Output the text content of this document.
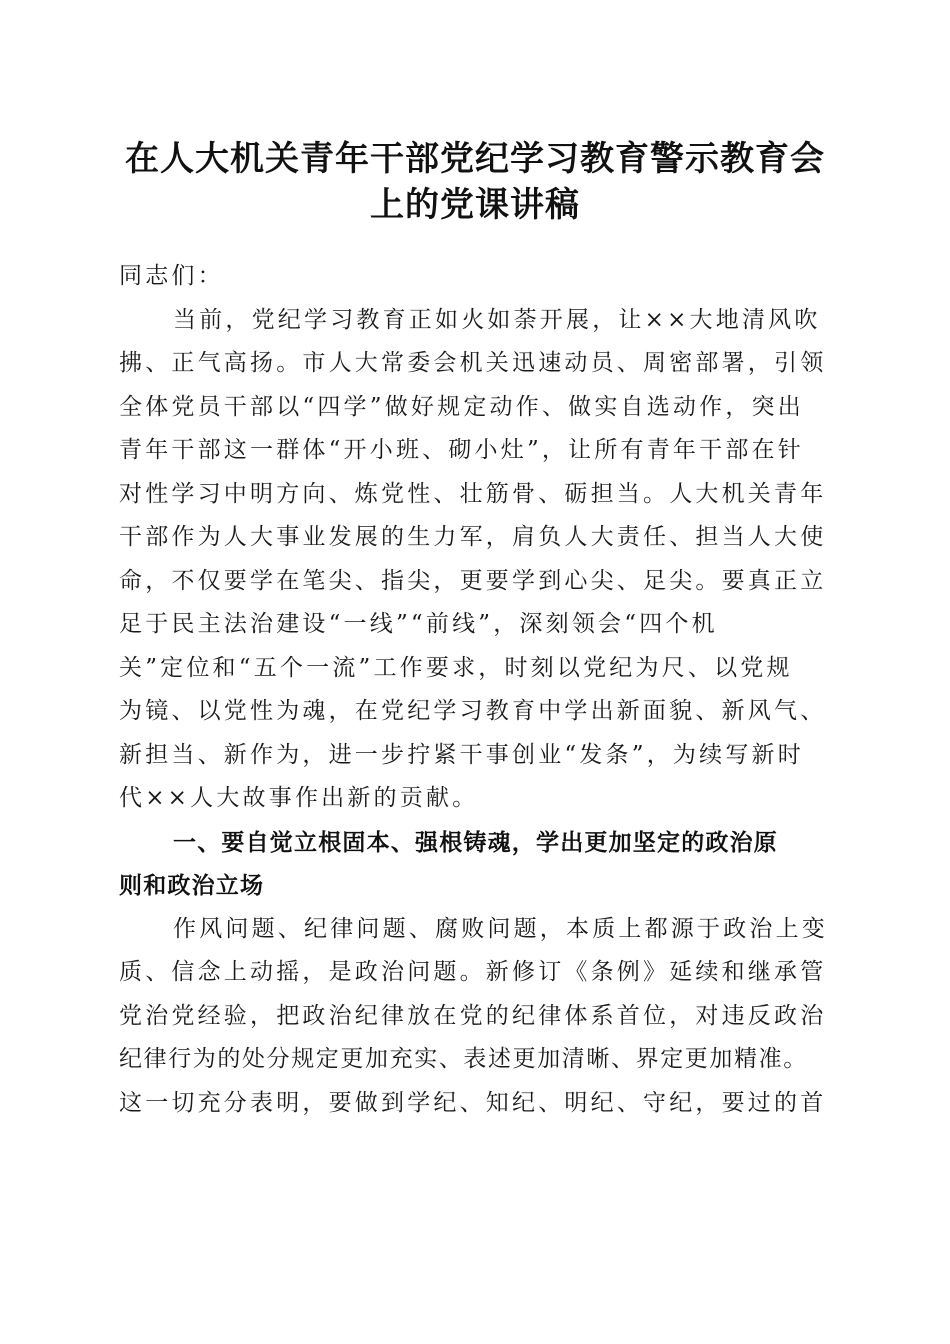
在人大机关青年干部党纪学习教育警示教育会
上的党课讲稿
同志们：
当前，党纪学习教育正如火如荼开展，让××大地清风吹
拂、正气高扬。市人大常委会机关迅速动员、周密部署，引领
全体党员干部以“四学”做好规定动作、做实自选动作，突出
青年干部这一群体“开小班、砌小灶”，让所有青年干部在针
对性学习中明方向、炼党性、壮筋骨、砺担当。人大机关青年
干部作为人大事业发展的生力军，肩负人大责任、担当人大使
命，不仅要学在笔尖、指尖，更要学到心尖、足尖。要真正立
足于民主法治建设“一线”“前线”，深刻领会“四个机
关”定位和“五个一流”工作要求，时刻以党纪为尺、以党规
为镜、以党性为魂，在党纪学习教育中学出新面貌、新风气、
新担当、新作为，进一步拧紧干事创业“发条”，为续写新时
代××人大故事作出新的贡献。
一、要自觉立根固本、强根铸魂，学出更加坚定的政治原
则和政治立场
作风问题、纪律问题、腐败问题，本质上都源于政治上变
质、信念上动摇，是政治问题。新修订《条例》延续和继承管
党治党经验，把政治纪律放在党的纪律体系首位，对违反政治
纪律行为的处分规定更加充实、表述更加清晰、界定更加精准。
这一切充分表明，要做到学纪、知纪、明纪、守纪，要过的首
